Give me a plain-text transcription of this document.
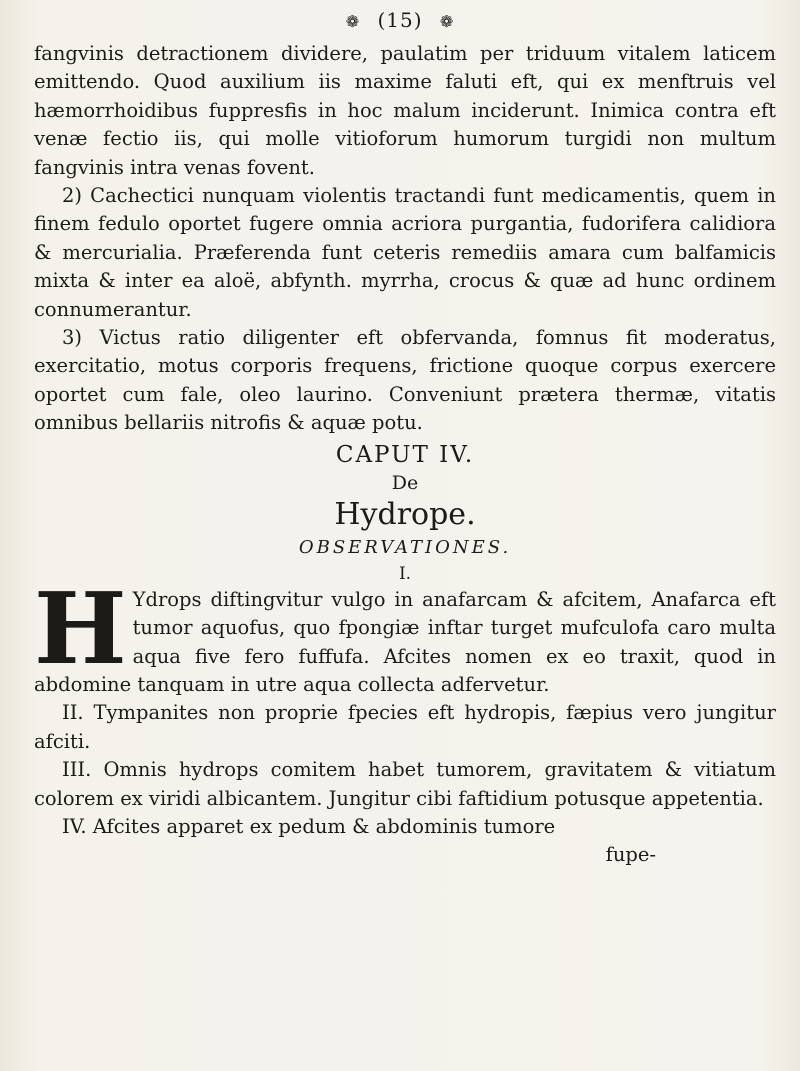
❁ (15) ❁

fangvinis detractionem dividere, paulatim per triduum vitalem laticem emittendo. Quod auxilium iis maxime faluti eft, qui ex menftruis vel hæmorrhoidibus fuppresfis in hoc malum inciderunt. Inimica contra eft venæ fectio iis, qui molle vitioforum humorum turgidi non multum fangvinis intra venas fovent.

2) Cachectici nunquam violentis tractandi funt medicamentis, quem in finem fedulo oportet fugere omnia acriora purgantia, fudorifera calidiora & mercurialia. Præferenda funt ceteris remediis amara cum balfamicis mixta & inter ea aloë, abfynth. myrrha, crocus & quæ ad hunc ordinem connumerantur.

3) Victus ratio diligenter eft obfervanda, fomnus fit moderatus, exercitatio, motus corporis frequens, frictione quoque corpus exercere oportet cum fale, oleo laurino. Conveniunt prætera thermæ, vitatis omnibus bellariis nitrofis & aquæ potu.

CAPUT IV.

De

Hydrope.

OBSERVATIONES.

I.

H Ydrops diftingvitur vulgo in anafarcam & afcitem, Anafarca eft tumor aquofus, quo fpongiæ inftar turget mufculofa caro multa aqua five fero fuffufa. Afcites nomen ex eo traxit, quod in abdomine tanquam in utre aqua collecta adfervetur.

II. Tympanites non proprie fpecies eft hydropis, fæpius vero jungitur afciti.

III. Omnis hydrops comitem habet tumorem, gravitatem & vitiatum colorem ex viridi albicantem. Jungitur cibi faftidium potusque appetentia.

IV. Afcites apparet ex pedum & abdominis tumore

fupe-
